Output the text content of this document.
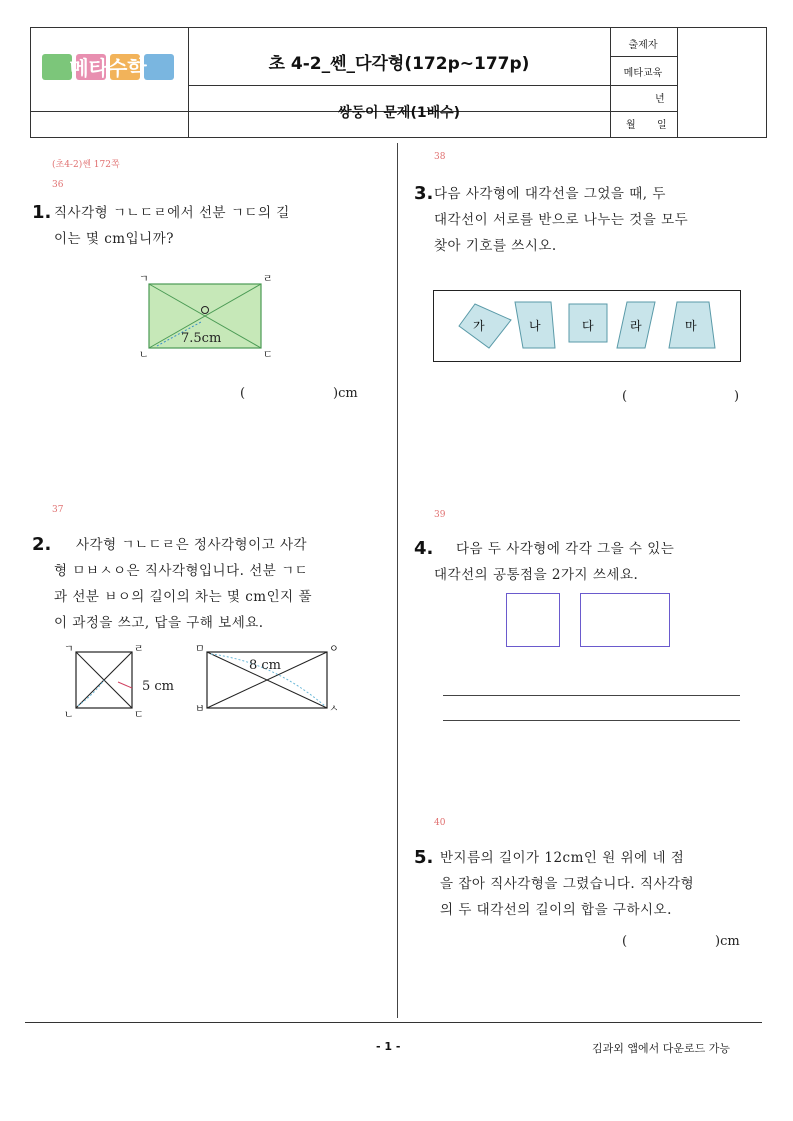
메타수학	초 4-2_쎈_다각형(172p~177p)
쌍둥이 문제(1배수)
출제자
메타교육
년
월 일
(초4-2)쎈 172쪽
36
1. 직사각형 ㄱㄴㄷㄹ에서 선분 ㄱㄷ의 길
이는 몇 cm입니까?
ㄱ	ㄹ
ㄴ	ㄷ
7.5cm
(	)cm
37
2.	사각형 ㄱㄴㄷㄹ은 정사각형이고 사각
형 ㅁㅂㅅㅇ은 직사각형입니다. 선분 ㄱㄷ
과 선분 ㅂㅇ의 길이의 차는 몇 cm인지 풀
이 과정을 쓰고, 답을 구해 보세요.
ㄱ	ㄹ
ㄴ	ㄷ
5 cm
ㅁ	ㅇ
ㅂ	ㅅ
8 cm
38
3. 다음 사각형에 대각선을 그었을 때, 두
대각선이 서로를 반으로 나누는 것을 모두
찾아 기호를 쓰시오.
가	나	다	라	마
(	)
39
4.	다음 두 사각형에 각각 그을 수 있는
대각선의 공통점을 2가지 쓰세요.
40
5. 반지름의 길이가 12cm인 원 위에 네 점
을 잡아 직사각형을 그렸습니다. 직사각형
의 두 대각선의 길이의 합을 구하시오.
(	)cm
- 1 -	김과외 앱에서 다운로드 가능
